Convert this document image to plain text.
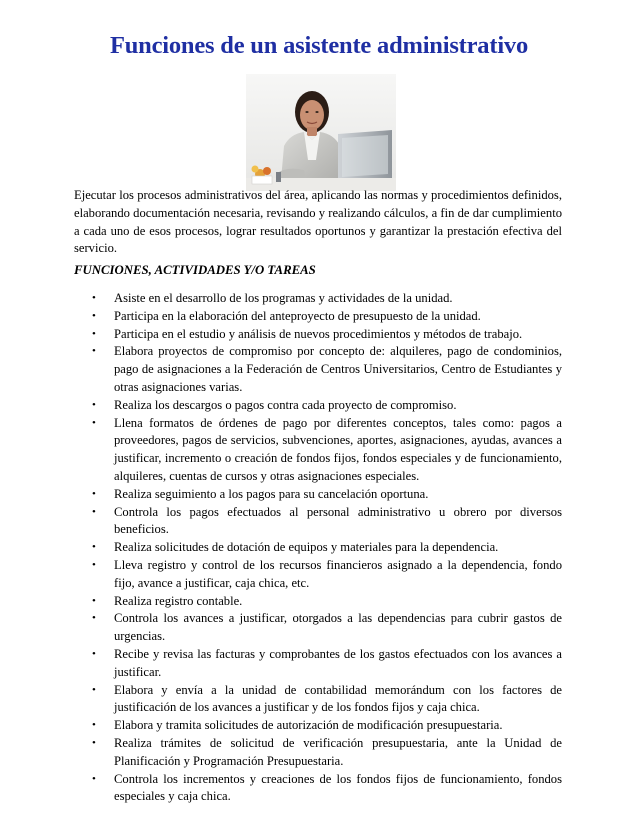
Funciones de un asistente administrativo

Ejecutar los procesos administrativos del área, aplicando las normas y procedimientos definidos, elaborando documentación necesaria, revisando y realizando cálculos, a fin de dar cumplimiento a cada uno de esos procesos, lograr resultados oportunos y garantizar la prestación efectiva del servicio.

FUNCIONES, ACTIVIDADES Y/O TAREAS

• Asiste en el desarrollo de los programas y actividades de la unidad.
• Participa en la elaboración del anteproyecto de presupuesto de la unidad.
• Participa en el estudio y análisis de nuevos procedimientos y métodos de trabajo.
• Elabora proyectos de compromiso por concepto de: alquileres, pago de condominios, pago de asignaciones a la Federación de Centros Universitarios, Centro de Estudiantes y otras asignaciones varias.
• Realiza los descargos o pagos contra cada proyecto de compromiso.
• Llena formatos de órdenes de pago por diferentes conceptos, tales como: pagos a proveedores, pagos de servicios, subvenciones, aportes, asignaciones, ayudas, avances a justificar, incremento o creación de fondos fijos, fondos especiales y de funcionamiento, alquileres, cuentas de cursos y otras asignaciones especiales.
• Realiza seguimiento a los pagos para su cancelación oportuna.
• Controla los pagos efectuados al personal administrativo u obrero por diversos beneficios.
• Realiza solicitudes de dotación de equipos y materiales para la dependencia.
• Lleva registro y control de los recursos financieros asignado a la dependencia, fondo fijo, avance a justificar, caja chica, etc.
• Realiza registro contable.
• Controla los avances a justificar, otorgados a las dependencias para cubrir gastos de urgencias.
• Recibe y revisa las facturas y comprobantes de los gastos efectuados con los avances a justificar.
• Elabora y envía a la unidad de contabilidad memorándum con los factores de justificación de los avances a justificar y de los fondos fijos y caja chica.
• Elabora y tramita solicitudes de autorización de modificación presupuestaria.
• Realiza trámites de solicitud de verificación presupuestaria, ante la Unidad de Planificación y Programación Presupuestaria.
• Controla los incrementos y creaciones de los fondos fijos de funcionamiento, fondos especiales y caja chica.
